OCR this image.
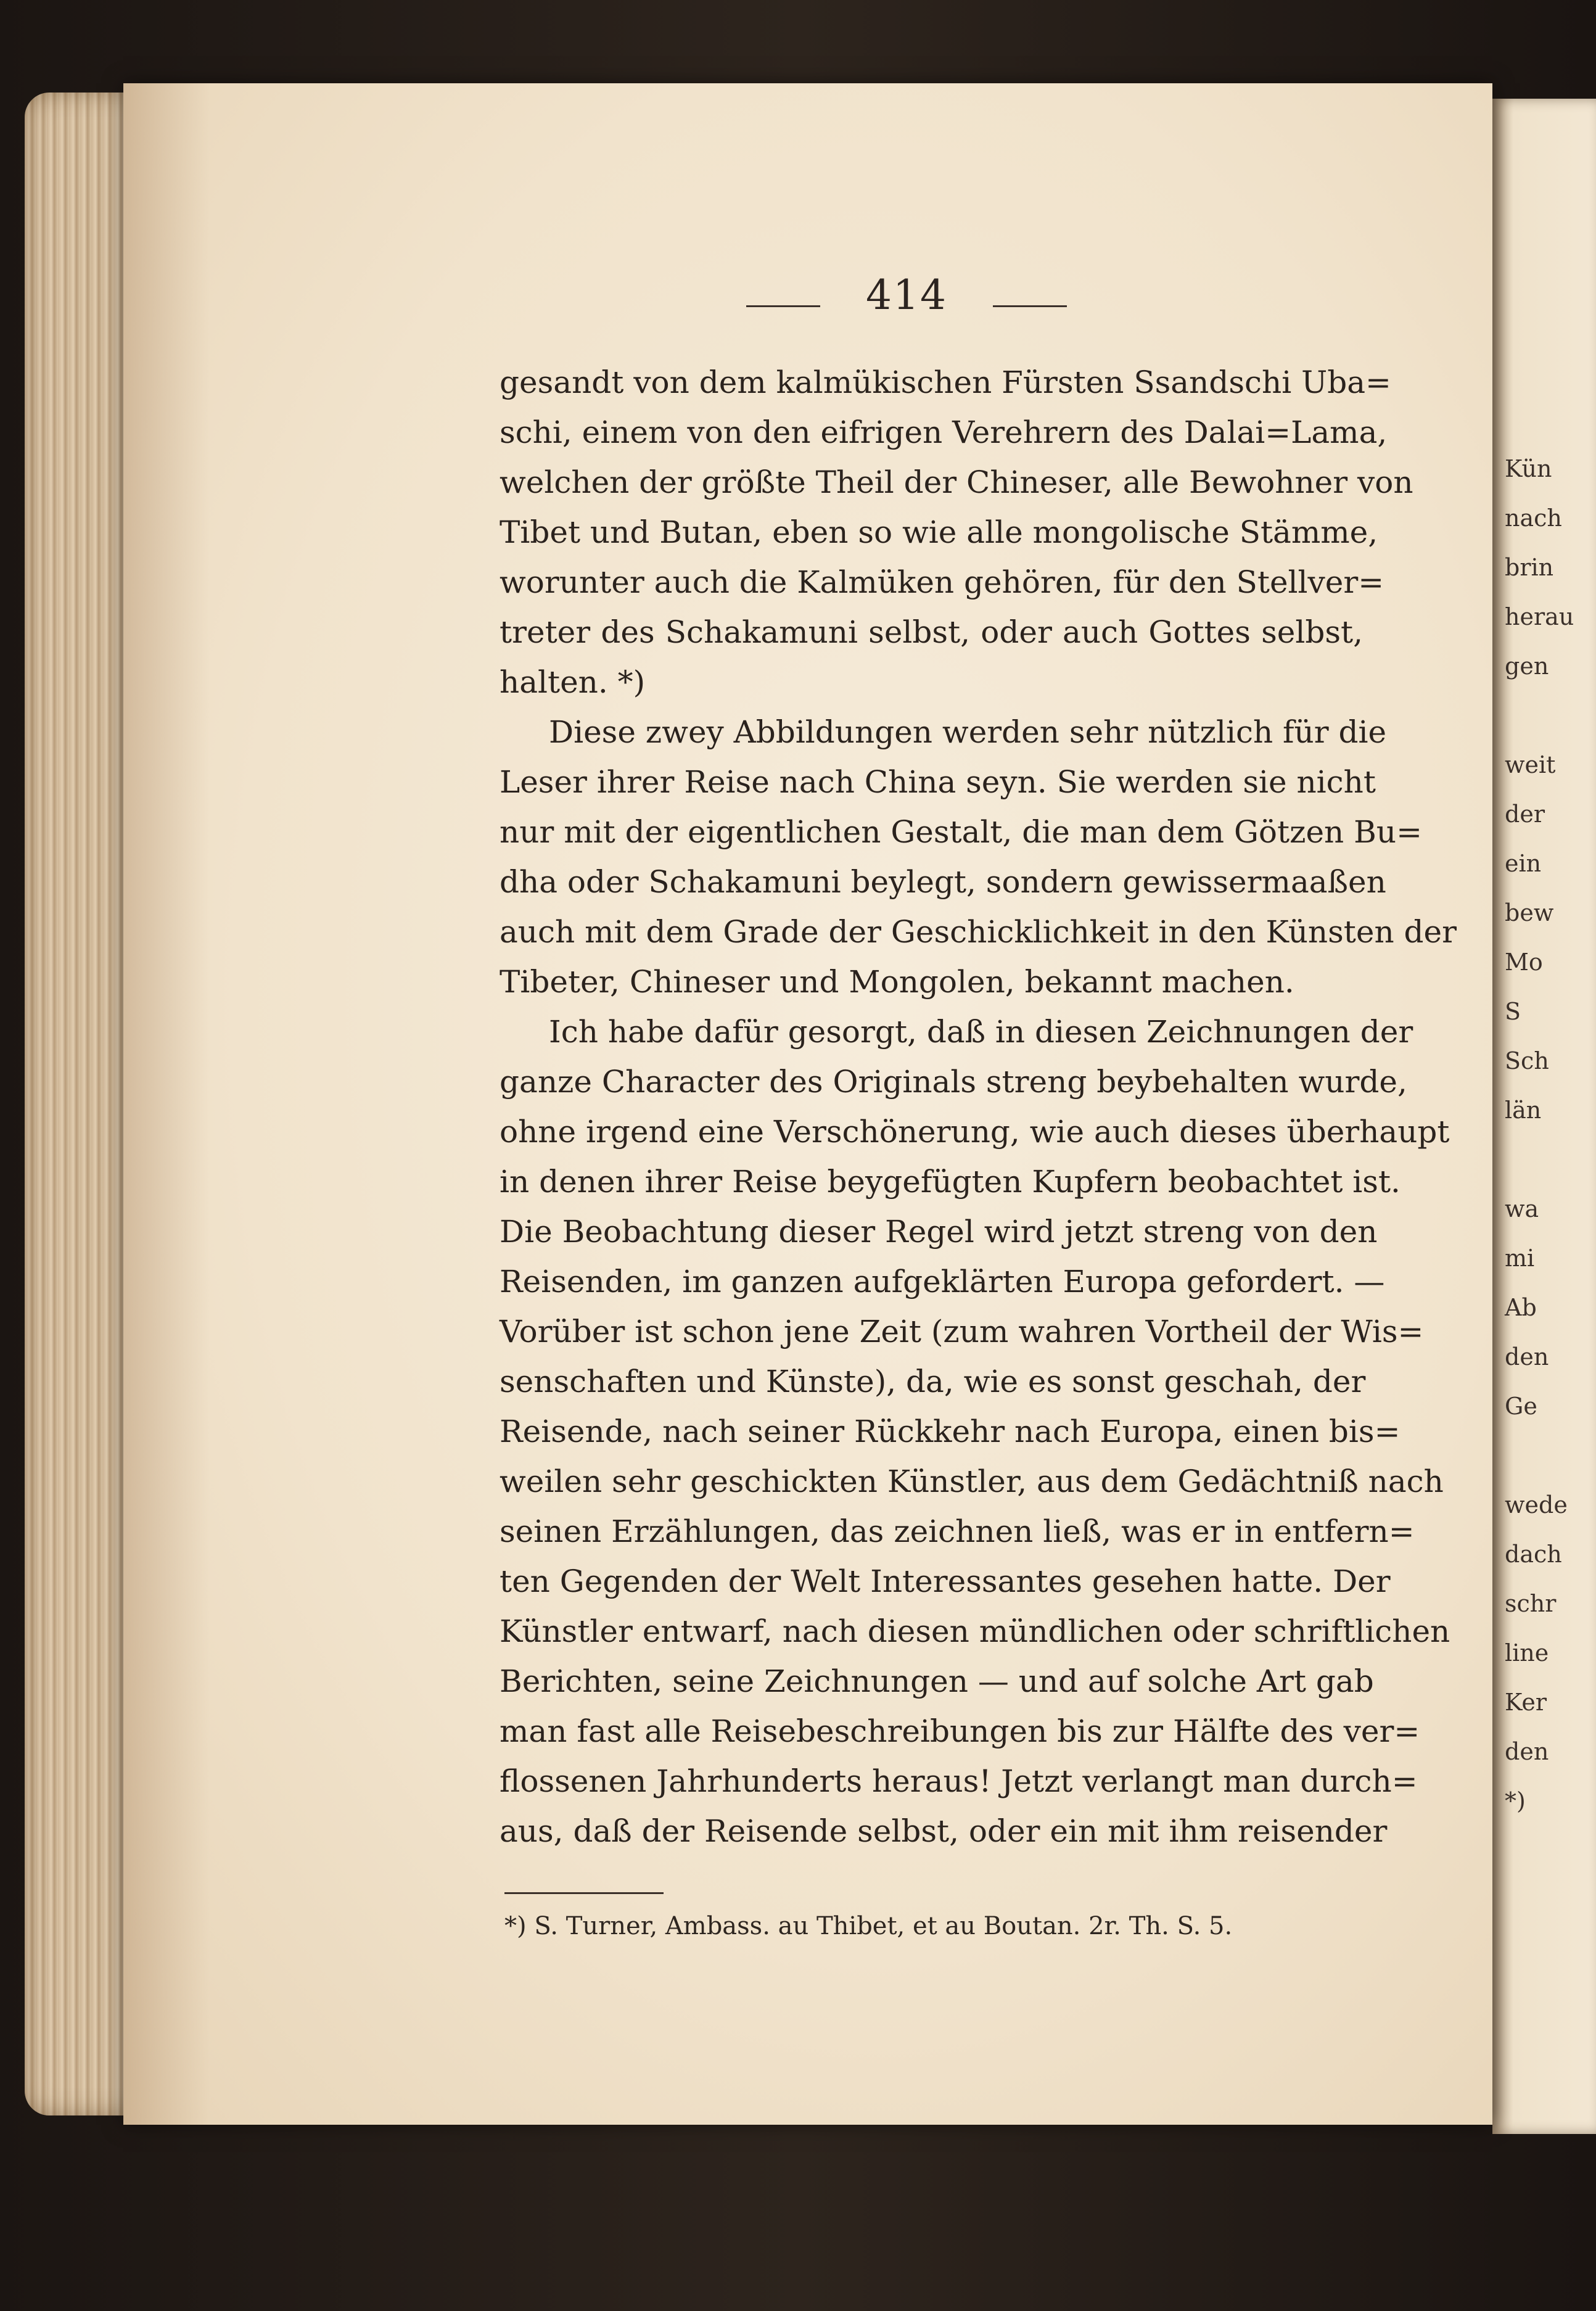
Kün
nach
brin
herau
gen
weit
der
ein
bew
Mo
S
Sch
län
wa
mi
Ab
den
Ge
wede
dach
schr
line
Ker
den
*)
414
gesandt von dem kalmükischen Fürsten Ssandschi Uba=
schi, einem von den eifrigen Verehrern des Dalai=Lama,
welchen der größte Theil der Chineser, alle Bewohner von
Tibet und Butan, eben so wie alle mongolische Stämme,
worunter auch die Kalmüken gehören, für den Stellver=
treter des Schakamuni selbst, oder auch Gottes selbst,
halten. *)
Diese zwey Abbildungen werden sehr nützlich für die
Leser ihrer Reise nach China seyn. Sie werden sie nicht
nur mit der eigentlichen Gestalt, die man dem Götzen Bu=
dha oder Schakamuni beylegt, sondern gewissermaaßen
auch mit dem Grade der Geschicklichkeit in den Künsten der
Tibeter, Chineser und Mongolen, bekannt machen.
Ich habe dafür gesorgt, daß in diesen Zeichnungen der
ganze Character des Originals streng beybehalten wurde,
ohne irgend eine Verschönerung, wie auch dieses überhaupt
in denen ihrer Reise beygefügten Kupfern beobachtet ist.
Die Beobachtung dieser Regel wird jetzt streng von den
Reisenden, im ganzen aufgeklärten Europa gefordert. —
Vorüber ist schon jene Zeit (zum wahren Vortheil der Wis=
senschaften und Künste), da, wie es sonst geschah, der
Reisende, nach seiner Rückkehr nach Europa, einen bis=
weilen sehr geschickten Künstler, aus dem Gedächtniß nach
seinen Erzählungen, das zeichnen ließ, was er in entfern=
ten Gegenden der Welt Interessantes gesehen hatte. Der
Künstler entwarf, nach diesen mündlichen oder schriftlichen
Berichten, seine Zeichnungen — und auf solche Art gab
man fast alle Reisebeschreibungen bis zur Hälfte des ver=
flossenen Jahrhunderts heraus! Jetzt verlangt man durch=
aus, daß der Reisende selbst, oder ein mit ihm reisender
*) S. Turner, Ambass. au Thibet, et au Boutan. 2r. Th. S. 5.
